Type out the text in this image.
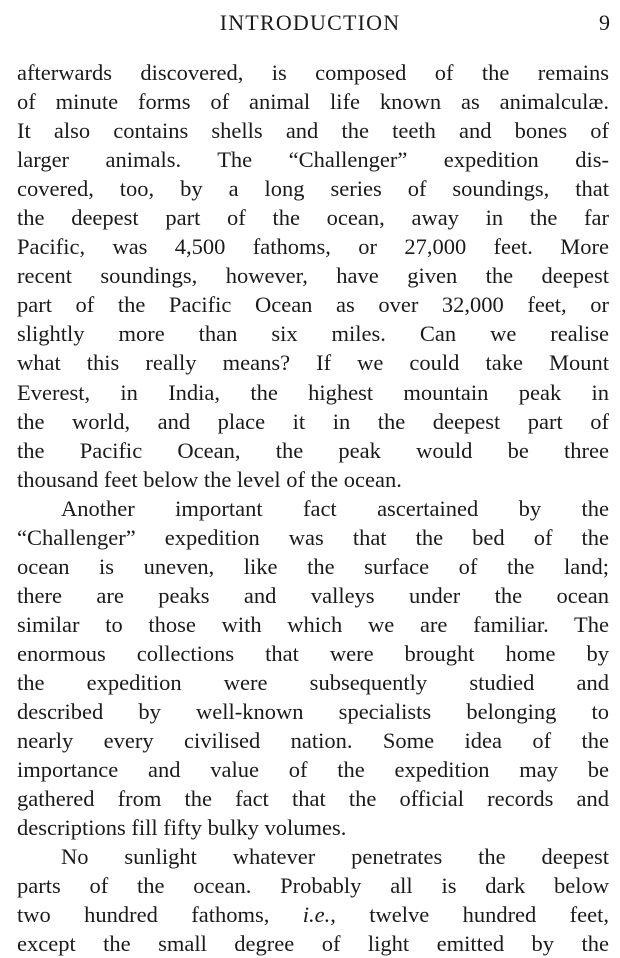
INTRODUCTION	9
afterwards discovered, is composed of the remains
of minute forms of animal life known as animalculæ.
It also contains shells and the teeth and bones of
larger animals. The “Challenger” expedition dis-
covered, too, by a long series of soundings, that
the deepest part of the ocean, away in the far
Pacific, was 4,500 fathoms, or 27,000 feet. More
recent soundings, however, have given the deepest
part of the Pacific Ocean as over 32,000 feet, or
slightly more than six miles. Can we realise
what this really means? If we could take Mount
Everest, in India, the highest mountain peak in
the world, and place it in the deepest part of
the Pacific Ocean, the peak would be three
thousand feet below the level of the ocean.
Another important fact ascertained by the
“Challenger” expedition was that the bed of the
ocean is uneven, like the surface of the land;
there are peaks and valleys under the ocean
similar to those with which we are familiar. The
enormous collections that were brought home by
the expedition were subsequently studied and
described by well-known specialists belonging to
nearly every civilised nation. Some idea of the
importance and value of the expedition may be
gathered from the fact that the official records and
descriptions fill fifty bulky volumes.
No sunlight whatever penetrates the deepest
parts of the ocean. Probably all is dark below
two hundred fathoms, i.e., twelve hundred feet,
except the small degree of light emitted by the
